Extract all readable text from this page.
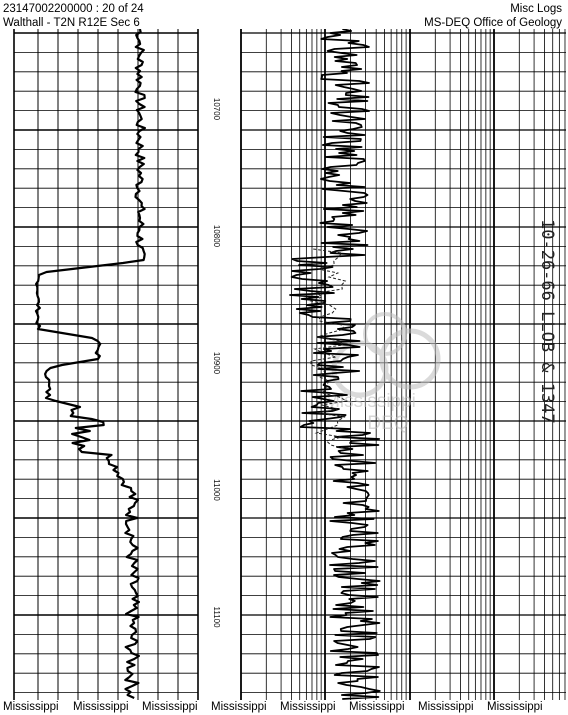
23147002200000 : 20 of 24
Walthall - T2N R12E Sec 6
Misc Logs
MS-DEQ Office of Geology
10700
10800
10900
11000
11100
Mississippi
DEQ	10-26-66 LLOB & 1347
Mississippi Mississippi Mississippi Mississippi Mississippi Mississippi Mississippi Mississippi
